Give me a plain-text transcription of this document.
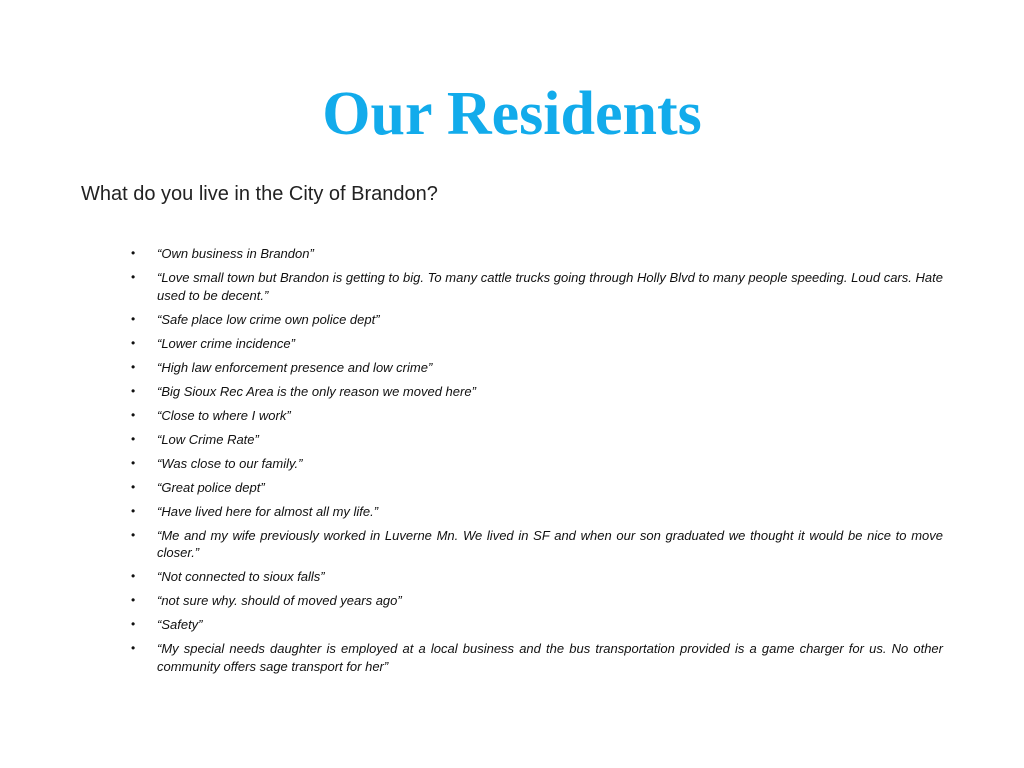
Our Residents

What do you live in the City of Brandon?

• “Own business in Brandon”
• “Love small town but Brandon is getting to big. To many cattle trucks going through Holly Blvd to many people speeding. Loud cars. Hate used to be decent.”
• “Safe place low crime own police dept”
• “Lower crime incidence”
• “High law enforcement presence and low crime”
• “Big Sioux Rec Area is the only reason we moved here”
• “Close to where I work”
• “Low Crime Rate”
• “Was close to our family.”
• “Great police dept”
• “Have lived here for almost all my life.”
• “Me and my wife previously worked in Luverne Mn. We lived in SF and when our son graduated we thought it would be nice to move closer.”
• “Not connected to sioux falls”
• “not sure why. should of moved years ago”
• “Safety”
• “My special needs daughter is employed at a local business and the bus transportation provided is a game charger for us. No other community offers sage transport for her”
